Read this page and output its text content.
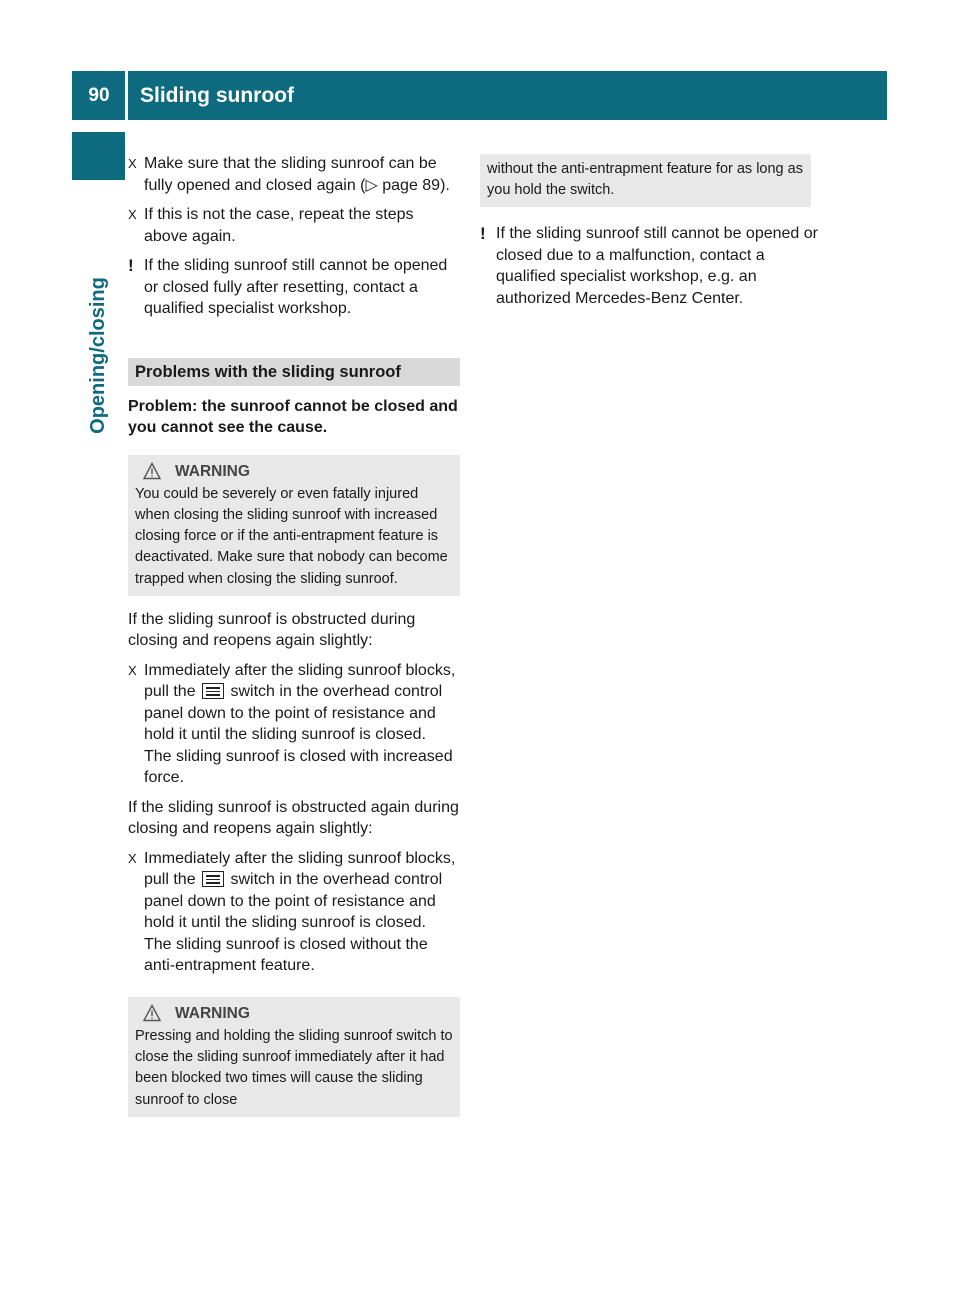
90	Sliding sunroof
Opening/closing
X Make sure that the sliding sunroof can be fully opened and closed again (▷ page 89).

X If this is not the case, repeat the steps above again.

! If the sliding sunroof still cannot be opened or closed fully after resetting, contact a qualified specialist workshop.

Problems with the sliding sunroof

Problem: the sunroof cannot be closed and you cannot see the cause.

WARNING

You could be severely or even fatally injured when closing the sliding sunroof with increased closing force or if the anti-entrapment feature is deactivated. Make sure that nobody can become trapped when closing the sliding sunroof.

If the sliding sunroof is obstructed during closing and reopens again slightly:

X Immediately after the sliding sunroof blocks, pull the switch in the overhead control panel down to the point of resistance and hold it until the sliding sunroof is closed.

The sliding sunroof is closed with increased force.

If the sliding sunroof is obstructed again during closing and reopens again slightly:

X Immediately after the sliding sunroof blocks, pull the switch in the overhead control panel down to the point of resistance and hold it until the sliding sunroof is closed.

The sliding sunroof is closed without the anti-entrapment feature.

WARNING

Pressing and holding the sliding sunroof switch to close the sliding sunroof immediately after it had been blocked two times will cause the sliding sunroof to close

without the anti-entrapment feature for as long as you hold the switch.

! If the sliding sunroof still cannot be opened or closed due to a malfunction, contact a qualified specialist workshop, e.g. an authorized Mercedes-Benz Center.
